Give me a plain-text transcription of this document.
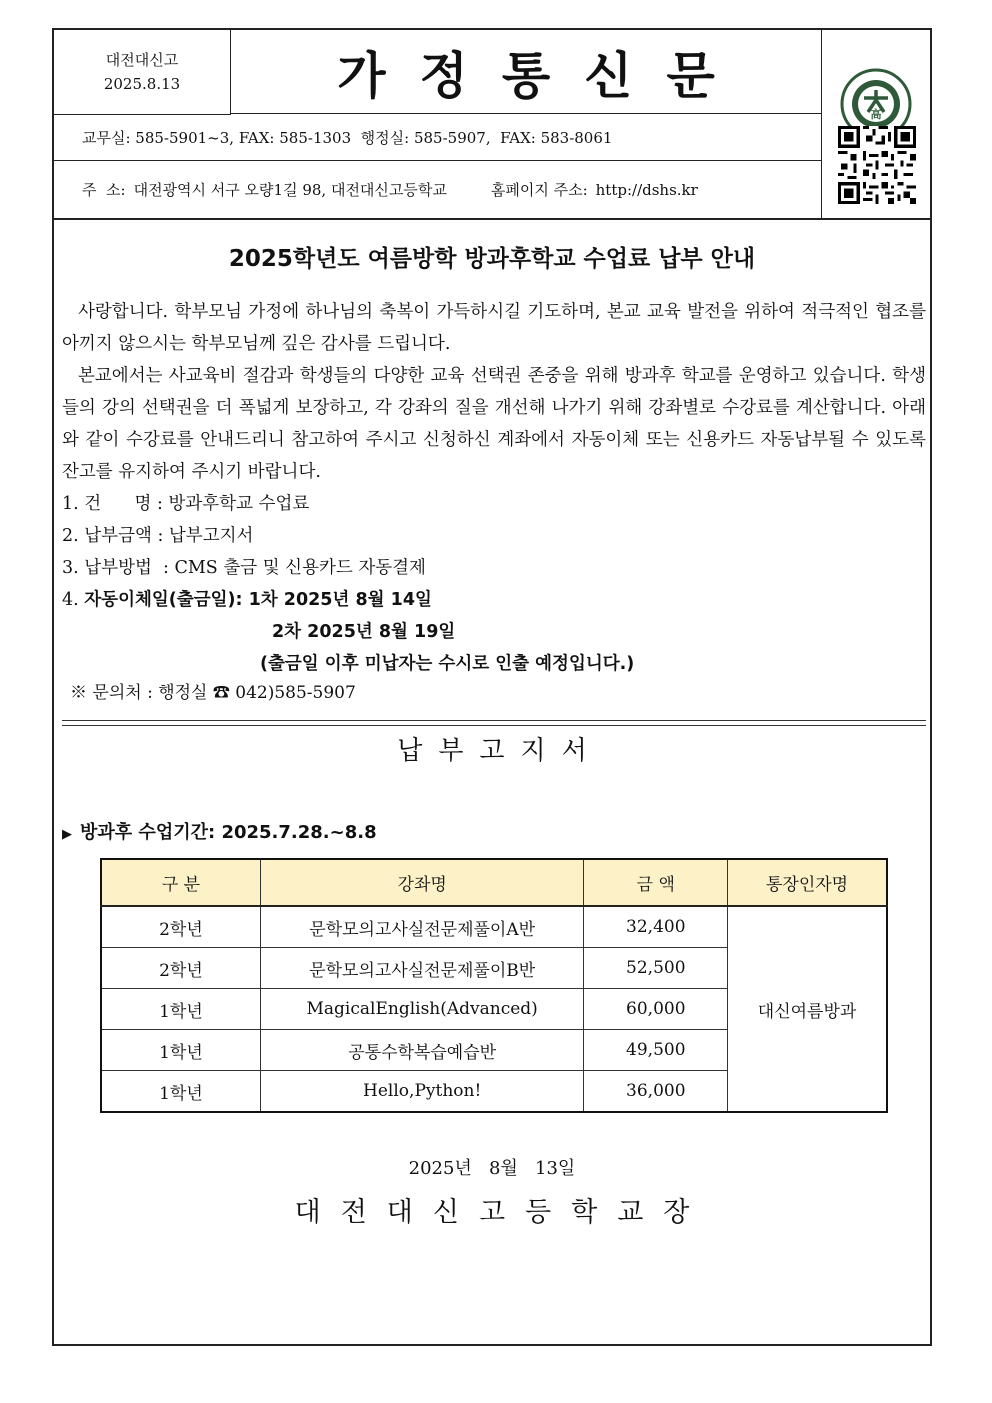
대전대신고
2025.8.13	가정통신문
교무실: 585-5901~3, FAX: 585-1303  행정실: 585-5907,  FAX: 583-8061
주  소: 대전광역시 서구 오량1길 98, 대전대신고등학교	홈페이지 주소: http://dshs.kr
高
2025학년도 여름방학 방과후학교 수업료 납부 안내
사랑합니다. 학부모님 가정에 하나님의 축복이 가득하시길 기도하며, 본교 교육 발전을 위하여 적극적인 협조를 아끼지 않으시는 학부모님께 깊은 감사를 드립니다.
본교에서는 사교육비 절감과 학생들의 다양한 교육 선택권 존중을 위해 방과후 학교를 운영하고 있습니다. 학생들의 강의 선택권을 더 폭넓게 보장하고, 각 강좌의 질을 개선해 나가기 위해 강좌별로 수강료를 계산합니다. 아래와 같이 수강료를 안내드리니 참고하여 주시고 신청하신 계좌에서 자동이체 또는 신용카드 자동납부될 수 있도록 잔고를 유지하여 주시기 바랍니다.
1. 건      명 : 방과후학교 수업료
2. 납부금액 : 납부고지서
3. 납부방법  : CMS 출금 및 신용카드 자동결제
4. 자동이체일(출금일): 1차 2025년 8월 14일
2차 2025년 8월 19일
(출금일 이후 미납자는 수시로 인출 예정입니다.)
※ 문의처 : 행정실 ☎ 042)585-5907
납부고지서
▶ 방과후 수업기간: 2025.7.28.~8.8
구 분	강좌명	금 액	통장인자명
2학년	문학모의고사실전문제풀이A반	32,400	대신여름방과
2학년	문학모의고사실전문제풀이B반	52,500	
1학년	MagicalEnglish(Advanced)	60,000	
1학년	공통수학복습예습반	49,500	
1학년	Hello,Python!	36,000	
2025년   8월   13일
대전대신고등학교장
